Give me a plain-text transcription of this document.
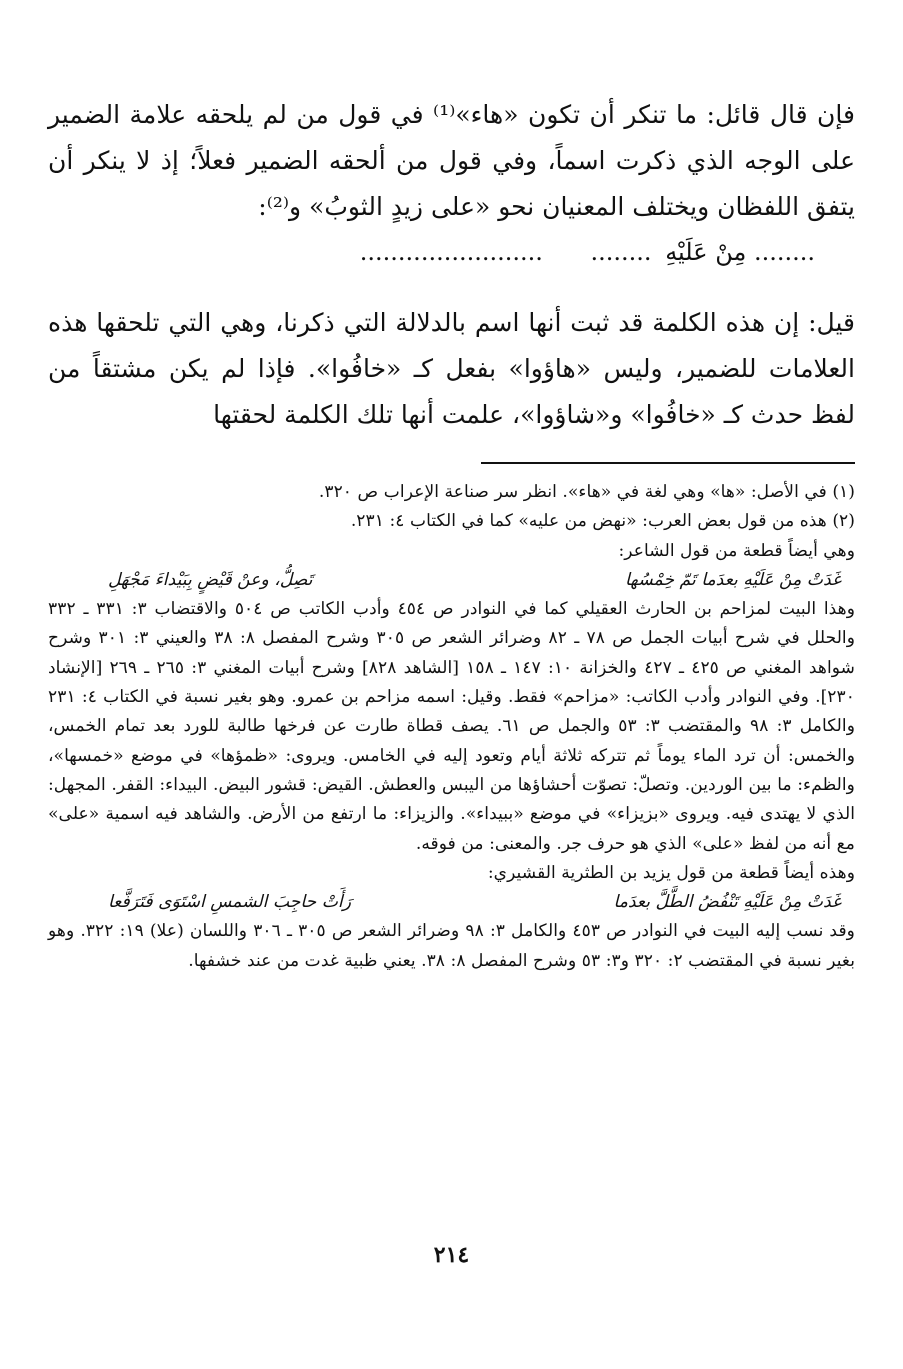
فإن قال قائل: ما تنكر أن تكون «هاء»⁽¹⁾ في قول من لم يلحقه علامة الضمير على الوجه الذي ذكرت اسماً، وفي قول من ألحقه الضمير فعلاً؛ إذ لا ينكر أن يتفق اللفظان ويختلف المعنيان نحو «على زيدٍ الثوبُ» و⁽²⁾:

........ مِنْ عَلَيْهِ ........ ........................

قيل: إن هذه الكلمة قد ثبت أنها اسم بالدلالة التي ذكرنا، وهي التي تلحقها هذه العلامات للضمير، وليس «هاؤوا» بفعل كـ «خافُوا». فإذا لم يكن مشتقاً من لفظ حدث كـ «خافُوا» و«شاؤوا»، علمت أنها تلك الكلمة لحقتها

(١) في الأصل: «ها» وهي لغة في «هاء». انظر سر صناعة الإعراب ص ٣٢٠.

(٢) هذه من قول بعض العرب: «نهض من عليه» كما في الكتاب ٤: ٢٣١.

وهي أيضاً قطعة من قول الشاعر:

غَدَتْ مِنْ عَلَيْهِ بعدَما تَمّ خِمْسُها
تَصِلُّ، وعنْ قَيْضٍ بِبَيْداءَ مَجْهَلِ

وهذا البيت لمزاحم بن الحارث العقيلي كما في النوادر ص ٤٥٤ وأدب الكاتب ص ٥٠٤ والاقتضاب ٣: ٣٣١ ـ ٣٣٢ والحلل في شرح أبيات الجمل ص ٧٨ ـ ٨٢ وضرائر الشعر ص ٣٠٥ وشرح المفصل ٨: ٣٨ والعيني ٣: ٣٠١ وشرح شواهد المغني ص ٤٢٥ ـ ٤٢٧ والخزانة ١٠: ١٤٧ ـ ١٥٨ [الشاهد ٨٢٨] وشرح أبيات المغني ٣: ٢٦٥ ـ ٢٦٩ [الإنشاد ٢٣٠]. وفي النوادر وأدب الكاتب: «مزاحم» فقط. وقيل: اسمه مزاحم بن عمرو. وهو بغير نسبة في الكتاب ٤: ٢٣١ والكامل ٣: ٩٨ والمقتضب ٣: ٥٣ والجمل ص ٦١. يصف قطاة طارت عن فرخها طالبة للورد بعد تمام الخمس، والخمس: أن ترد الماء يوماً ثم تتركه ثلاثة أيام وتعود إليه في الخامس. ويروى: «ظمؤها» في موضع «خمسها»، والظمء: ما بين الوردين. وتصلّ: تصوّت أحشاؤها من اليبس والعطش. القيض: قشور البيض. البيداء: القفر. المجهل: الذي لا يهتدى فيه. ويروى «بزيزاء» في موضع «ببيداء». والزيزاء: ما ارتفع من الأرض. والشاهد فيه اسمية «على» مع أنه من لفظ «على» الذي هو حرف جر. والمعنى: من فوقه.

وهذه أيضاً قطعة من قول يزيد بن الطثرية القشيري:

غَدَتْ مِنْ عَلَيْهِ تَنْفُضُ الطَّلَّ بعدَما
رَأَتْ حاجِبَ الشمسِ اسْتَوَى فَتَرَفَّعا

وقد نسب إليه البيت في النوادر ص ٤٥٣ والكامل ٣: ٩٨ وضرائر الشعر ص ٣٠٥ ـ ٣٠٦ واللسان (علا) ١٩: ٣٢٢. وهو بغير نسبة في المقتضب ٢: ٣٢٠ و٣: ٥٣ وشرح المفصل ٨: ٣٨. يعني ظبية غدت من عند خشفها.

٢١٤
